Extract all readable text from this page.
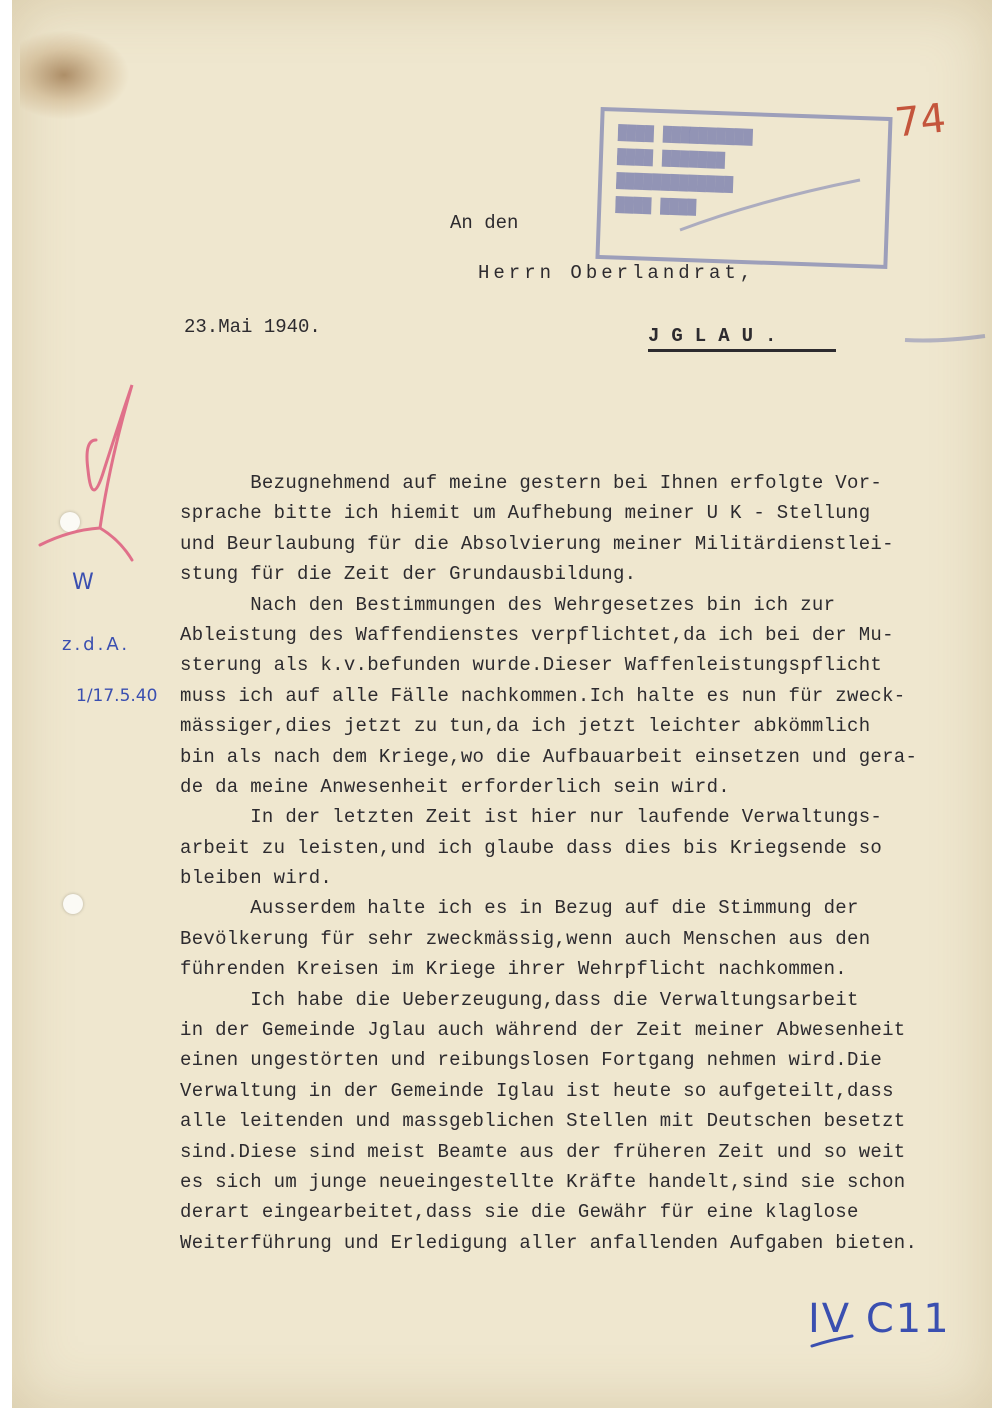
████ ██████████
████ ███████
█████████████
████ ████
An den
Herrn Oberlandrat,
23.Mai 1940.	JGLAU.
Bezugnehmend auf meine gestern bei Ihnen erfolgte Vor-
sprache bitte ich hiemit um Aufhebung meiner U K - Stellung
und Beurlaubung für die Absolvierung meiner Militärdienstlei-
stung für die Zeit der Grundausbildung.
Nach den Bestimmungen des Wehrgesetzes bin ich zur
Ableistung des Waffendienstes verpflichtet,da ich bei der Mu-
sterung als k.v.befunden wurde.Dieser Waffenleistungspflicht
muss ich auf alle Fälle nachkommen.Ich halte es nun für zweck-
mässiger,dies jetzt zu tun,da ich jetzt leichter abkömmlich
bin als nach dem Kriege,wo die Aufbauarbeit einsetzen und gera-
de da meine Anwesenheit erforderlich sein wird.
In der letzten Zeit ist hier nur laufende Verwaltungs-
arbeit zu leisten,und ich glaube dass dies bis Kriegsende so
bleiben wird.
Ausserdem halte ich es in Bezug auf die Stimmung der
Bevölkerung für sehr zweckmässig,wenn auch Menschen aus den
führenden Kreisen im Kriege ihrer Wehrpflicht nachkommen.
Ich habe die Ueberzeugung,dass die Verwaltungsarbeit
in der Gemeinde Jglau auch während der Zeit meiner Abwesenheit
einen ungestörten und reibungslosen Fortgang nehmen wird.Die
Verwaltung in der Gemeinde Iglau ist heute so aufgeteilt,dass
alle leitenden und massgeblichen Stellen mit Deutschen besetzt
sind.Diese sind meist Beamte aus der früheren Zeit und so weit
es sich um junge neueingestellte Kräfte handelt,sind sie schon
derart eingearbeitet,dass sie die Gewähr für eine klaglose
Weiterführung und Erledigung aller anfallenden Aufgaben bieten.
74
IV C11
W
z.d.A.
1/17.5.40
